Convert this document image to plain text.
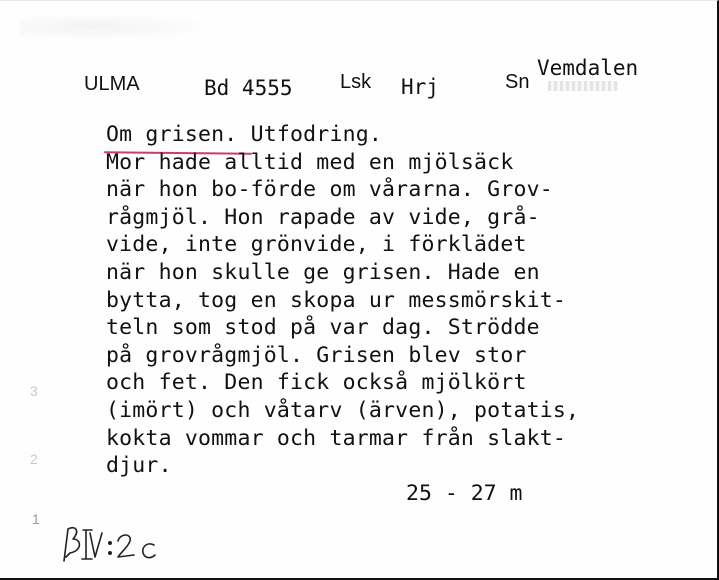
ULMA	Bd 4555 Lsk Hrj	Sn
Vemdalen
Om grisen. Utfodring.
Mor hade alltid med en mjölsäck
när hon bo-förde om vårarna. Grov-
rågmjöl. Hon rapade av vide, grå-
vide, inte grönvide, i förklädet
när hon skulle ge grisen. Hade en
bytta, tog en skopa ur messmörskit-
teln som stod på var dag. Strödde
på grovrågmjöl. Grisen blev stor
och fet. Den fick också mjölkört
(imört) och våtarv (ärven), potatis,
kokta vommar och tarmar från slakt-
djur.
25 - 27 m
3
2
1
